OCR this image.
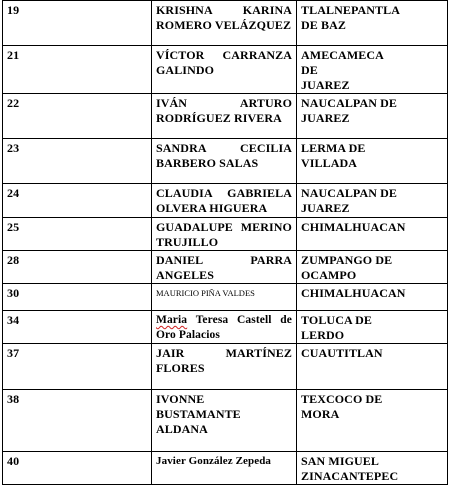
19	KRISHNA KARINA
ROMERO VELÁZQUEZ	TLALNEPANTLA
DE BAZ

21	VÍCTOR CARRANZA
GALINDO	AMECAMECA
DE
JUAREZ

22	IVÁN ARTURO
RODRÍGUEZ RIVERA	NAUCALPAN DE
JUAREZ

23	SANDRA CECILIA
BARBERO SALAS	LERMA DE
VILLADA

24	CLAUDIA GABRIELA
OLVERA HIGUERA	NAUCALPAN DE
JUAREZ

25	GUADALUPE MERINO
TRUJILLO	CHIMALHUACAN

28	DANIEL PARRA
ANGELES	ZUMPANGO DE
OCAMPO

30	MAURICIO PIÑA VALDES	CHIMALHUACAN

34	Maria Teresa Castell de
Oro Palacios	TOLUCA DE
LERDO

37	JAIR MARTÍNEZ
FLORES	CUAUTITLAN

38	IVONNE
BUSTAMANTE
ALDANA	TEXCOCO DE
MORA

40	Javier González Zepeda	SAN MIGUEL
ZINACANTEPEC
